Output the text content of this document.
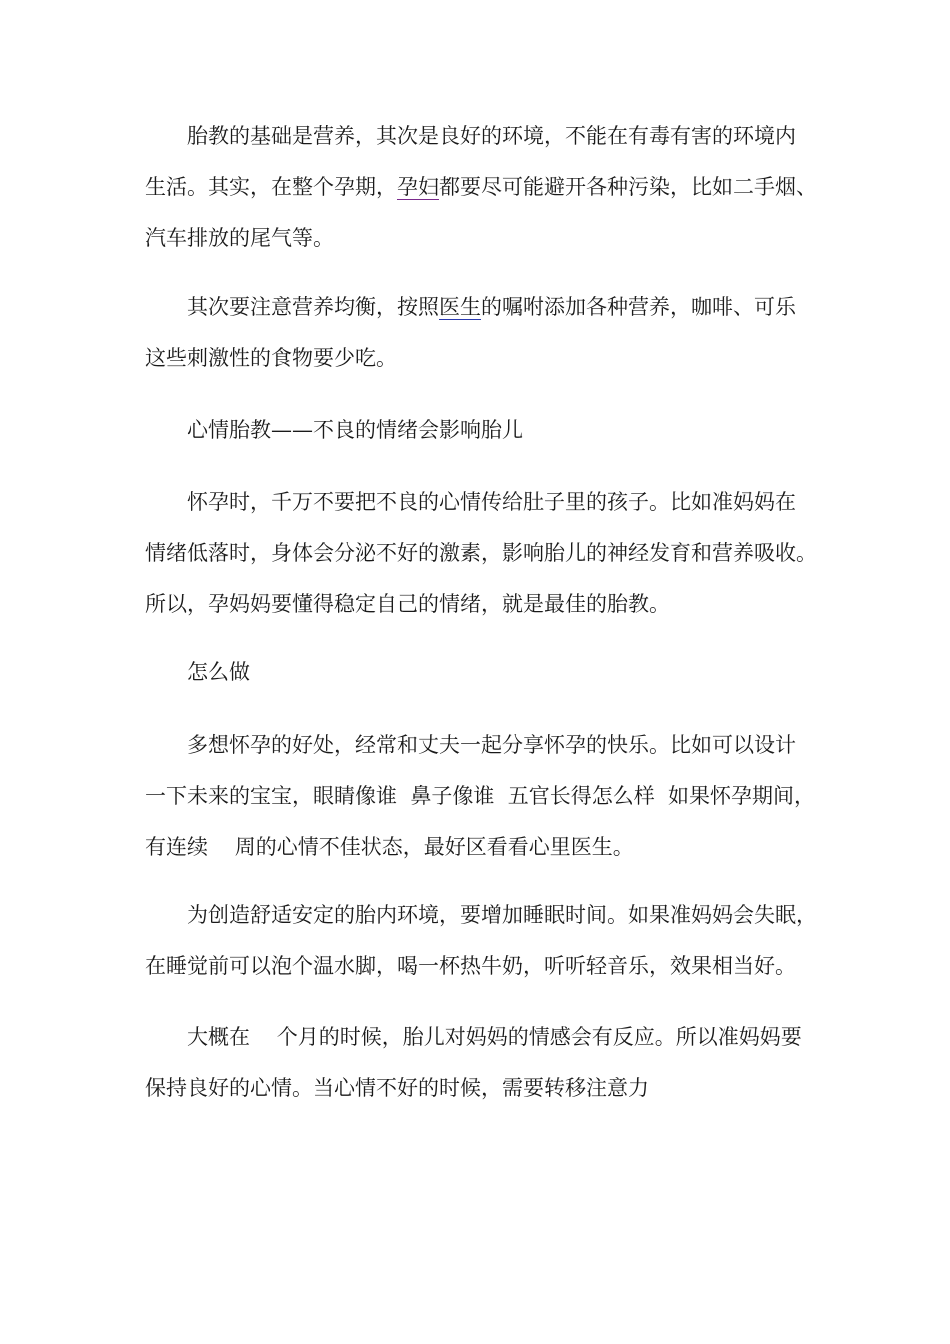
胎教的基础是营养，其次是良好的环境，不能在有毒有害的环境内
生活。其实，在整个孕期，孕妇都要尽可能避开各种污染，比如二手烟、
汽车排放的尾气等。
其次要注意营养均衡，按照医生的嘱咐添加各种营养，咖啡、可乐
这些刺激性的食物要少吃。
心情胎教——不良的情绪会影响胎儿
怀孕时，千万不要把不良的心情传给肚子里的孩子。比如准妈妈在
情绪低落时，身体会分泌不好的激素，影响胎儿的神经发育和营养吸收。
所以，孕妈妈要懂得稳定自己的情绪，就是最佳的胎教。
怎么做
多想怀孕的好处，经常和丈夫一起分享怀孕的快乐。比如可以设计
一下未来的宝宝，眼睛像谁  鼻子像谁  五官长得怎么样  如果怀孕期间，
有连续    周的心情不佳状态，最好区看看心里医生。
为创造舒适安定的胎内环境，要增加睡眠时间。如果准妈妈会失眠，
在睡觉前可以泡个温水脚，喝一杯热牛奶，听听轻音乐，效果相当好。
大概在    个月的时候，胎儿对妈妈的情感会有反应。所以准妈妈要
保持良好的心情。当心情不好的时候，需要转移注意力
